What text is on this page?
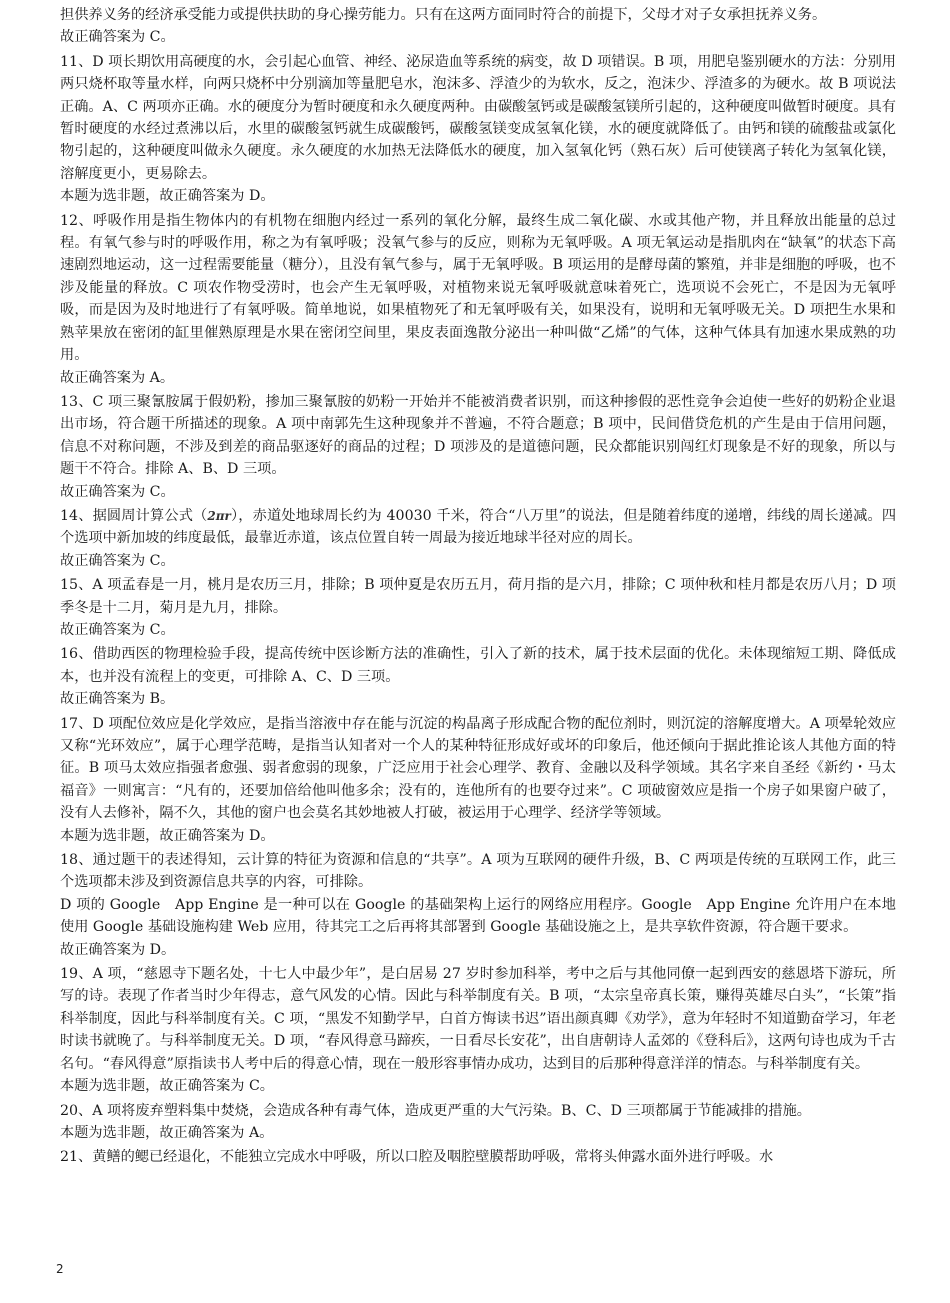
担供养义务的经济承受能力或提供扶助的身心操劳能力。只有在这两方面同时符合的前提下，父母才对子女承担抚养义务。

故正确答案为 C。

11、D 项长期饮用高硬度的水，会引起心血管、神经、泌尿造血等系统的病变，故 D 项错误。B 项，用肥皂鉴别硬水的方法：分别用两只烧杯取等量水样，向两只烧杯中分别滴加等量肥皂水，泡沫多、浮渣少的为软水，反之，泡沫少、浮渣多的为硬水。故 B 项说法正确。A、C 两项亦正确。水的硬度分为暂时硬度和永久硬度两种。由碳酸氢钙或是碳酸氢镁所引起的，这种硬度叫做暂时硬度。具有暂时硬度的水经过煮沸以后，水里的碳酸氢钙就生成碳酸钙，碳酸氢镁变成氢氧化镁，水的硬度就降低了。由钙和镁的硫酸盐或氯化物引起的，这种硬度叫做永久硬度。永久硬度的水加热无法降低水的硬度，加入氢氧化钙（熟石灰）后可使镁离子转化为氢氧化镁，溶解度更小，更易除去。

本题为选非题，故正确答案为 D。

12、呼吸作用是指生物体内的有机物在细胞内经过一系列的氧化分解，最终生成二氧化碳、水或其他产物，并且释放出能量的总过程。有氧气参与时的呼吸作用，称之为有氧呼吸；没氧气参与的反应，则称为无氧呼吸。A 项无氧运动是指肌肉在“缺氧”的状态下高速剧烈地运动，这一过程需要能量（糖分），且没有氧气参与，属于无氧呼吸。B 项运用的是酵母菌的繁殖，并非是细胞的呼吸，也不涉及能量的释放。C 项农作物受涝时，也会产生无氧呼吸，对植物来说无氧呼吸就意味着死亡，选项说不会死亡，不是因为无氧呼吸，而是因为及时地进行了有氧呼吸。简单地说，如果植物死了和无氧呼吸有关，如果没有，说明和无氧呼吸无关。D 项把生水果和熟苹果放在密闭的缸里催熟原理是水果在密闭空间里，果皮表面逸散分泌出一种叫做“乙烯”的气体，这种气体具有加速水果成熟的功用。

故正确答案为 A。

13、C 项三聚氰胺属于假奶粉，掺加三聚氰胺的奶粉一开始并不能被消费者识别，而这种掺假的恶性竞争会迫使一些好的奶粉企业退出市场，符合题干所描述的现象。A 项中南郭先生这种现象并不普遍，不符合题意；B 项中，民间借贷危机的产生是由于信用问题，信息不对称问题，不涉及到差的商品驱逐好的商品的过程；D 项涉及的是道德问题，民众都能识别闯红灯现象是不好的现象，所以与题干不符合。排除 A、B、D 三项。

故正确答案为 C。

14、据圆周计算公式（2πr），赤道处地球周长约为 40030 千米，符合“八万里”的说法，但是随着纬度的递增，纬线的周长递减。四个选项中新加坡的纬度最低，最靠近赤道，该点位置自转一周最为接近地球半径对应的周长。

故正确答案为 C。

15、A 项孟春是一月，桃月是农历三月，排除；B 项仲夏是农历五月，荷月指的是六月，排除；C 项仲秋和桂月都是农历八月；D 项季冬是十二月，菊月是九月，排除。

故正确答案为 C。

16、借助西医的物理检验手段，提高传统中医诊断方法的准确性，引入了新的技术，属于技术层面的优化。未体现缩短工期、降低成本，也并没有流程上的变更，可排除 A、C、D 三项。

故正确答案为 B。

17、D 项配位效应是化学效应，是指当溶液中存在能与沉淀的构晶离子形成配合物的配位剂时，则沉淀的溶解度增大。A 项晕轮效应又称“光环效应”，属于心理学范畴，是指当认知者对一个人的某种特征形成好或坏的印象后，他还倾向于据此推论该人其他方面的特征。B 项马太效应指强者愈强、弱者愈弱的现象，广泛应用于社会心理学、教育、金融以及科学领域。其名字来自圣经《新约・马太福音》一则寓言：“凡有的，还要加倍给他叫他多余；没有的，连他所有的也要夺过来”。C 项破窗效应是指一个房子如果窗户破了，没有人去修补，隔不久，其他的窗户也会莫名其妙地被人打破，被运用于心理学、经济学等领域。

本题为选非题，故正确答案为 D。

18、通过题干的表述得知，云计算的特征为资源和信息的“共享”。A 项为互联网的硬件升级，B、C 两项是传统的互联网工作，此三个选项都未涉及到资源信息共享的内容，可排除。

D 项的 Google　App Engine 是一种可以在 Google 的基础架构上运行的网络应用程序。Google　App Engine 允许用户在本地使用 Google 基础设施构建 Web 应用，待其完工之后再将其部署到 Google 基础设施之上，是共享软件资源，符合题干要求。

故正确答案为 D。

19、A 项，“慈恩寺下题名处，十七人中最少年”，是白居易 27 岁时参加科举，考中之后与其他同僚一起到西安的慈恩塔下游玩，所写的诗。表现了作者当时少年得志，意气风发的心情。因此与科举制度有关。B 项，“太宗皇帝真长策，赚得英雄尽白头”，“长策”指科举制度，因此与科举制度有关。C 项，“黑发不知勤学早，白首方悔读书迟”语出颜真卿《劝学》，意为年轻时不知道勤奋学习，年老时读书就晚了。与科举制度无关。D 项，“春风得意马蹄疾，一日看尽长安花”，出自唐朝诗人孟郊的《登科后》，这两句诗也成为千古名句。“春风得意”原指读书人考中后的得意心情，现在一般形容事情办成功，达到目的后那种得意洋洋的情态。与科举制度有关。

本题为选非题，故正确答案为 C。

20、A 项将废弃塑料集中焚烧，会造成各种有毒气体，造成更严重的大气污染。B、C、D 三项都属于节能减排的措施。

本题为选非题，故正确答案为 A。

21、黄鳝的鳃已经退化，不能独立完成水中呼吸，所以口腔及咽腔壁膜帮助呼吸，常将头伸露水面外进行呼吸。水

2
